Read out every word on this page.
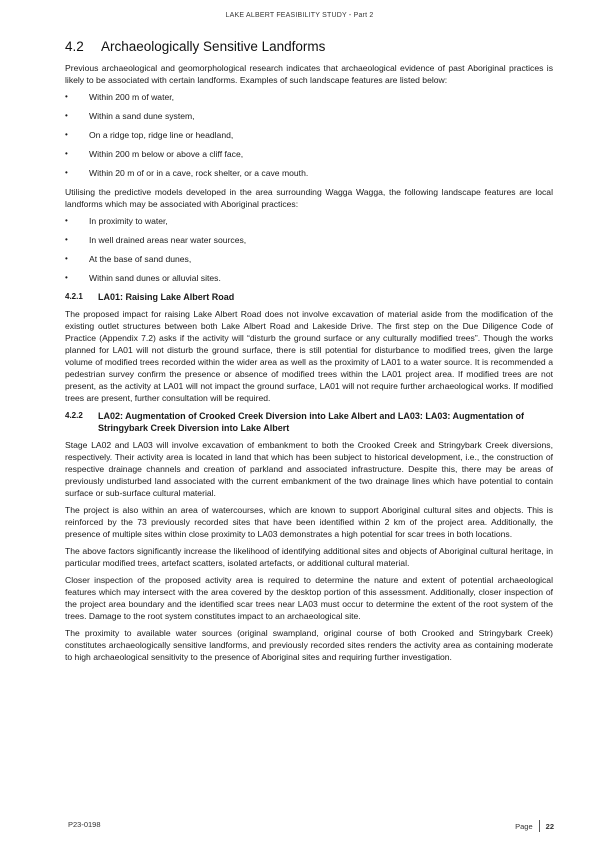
LAKE ALBERT FEASIBILITY STUDY - Part 2
4.2	Archaeologically Sensitive Landforms

Previous archaeological and geomorphological research indicates that archaeological evidence of past Aboriginal practices is likely to be associated with certain landforms. Examples of such landscape features are listed below:

• Within 200 m of water,
• Within a sand dune system,
• On a ridge top, ridge line or headland,
• Within 200 m below or above a cliff face,
• Within 20 m of or in a cave, rock shelter, or a cave mouth.

Utilising the predictive models developed in the area surrounding Wagga Wagga, the following landscape features are local landforms which may be associated with Aboriginal practices:

• In proximity to water,
• In well drained areas near water sources,
• At the base of sand dunes,
• Within sand dunes or alluvial sites.
4.2.1	LA01: Raising Lake Albert Road

The proposed impact for raising Lake Albert Road does not involve excavation of material aside from the modification of the existing outlet structures between both Lake Albert Road and Lakeside Drive. The first step on the Due Diligence Code of Practice (Appendix 7.2) asks if the activity will “disturb the ground surface or any culturally modified trees”. Though the works planned for LA01 will not disturb the ground surface, there is still potential for disturbance to modified trees, given the large volume of modified trees recorded within the wider area as well as the proximity of LA01 to a water source. It is recommended a pedestrian survey confirm the presence or absence of modified trees within the LA01 project area. If modified trees are not present, as the activity at LA01 will not impact the ground surface, LA01 will not require further archaeological works. If modified trees are present, further consultation will be required.

4.2.2	LA02: Augmentation of Crooked Creek Diversion into Lake Albert and LA03: LA03: Augmentation of Stringybark Creek Diversion into Lake Albert

Stage LA02 and LA03 will involve excavation of embankment to both the Crooked Creek and Stringybark Creek diversions, respectively. Their activity area is located in land that which has been subject to historical development, i.e., the construction of respective drainage channels and creation of parkland and associated infrastructure. Despite this, there may be areas of previously undisturbed land associated with the current embankment of the two drainage lines which have potential to contain surface or sub-surface cultural material.

The project is also within an area of watercourses, which are known to support Aboriginal cultural sites and objects. This is reinforced by the 73 previously recorded sites that have been identified within 2 km of the project area. Additionally, the presence of multiple sites within close proximity to LA03 demonstrates a high potential for scar trees in both locations.

The above factors significantly increase the likelihood of identifying additional sites and objects of Aboriginal cultural heritage, in particular modified trees, artefact scatters, isolated artefacts, or additional cultural material.

Closer inspection of the proposed activity area is required to determine the nature and extent of potential archaeological features which may intersect with the area covered by the desktop portion of this assessment. Additionally, closer inspection of the project area boundary and the identified scar trees near LA03 must occur to determine the extent of the root system of the trees. Damage to the root system constitutes impact to an archaeological site.

The proximity to available water sources (original swampland, original course of both Crooked and Stringybark Creek) constitutes archaeologically sensitive landforms, and previously recorded sites renders the activity area as containing moderate to high archaeological sensitivity to the presence of Aboriginal sites and requiring further investigation.

P23-0198	Page 22
